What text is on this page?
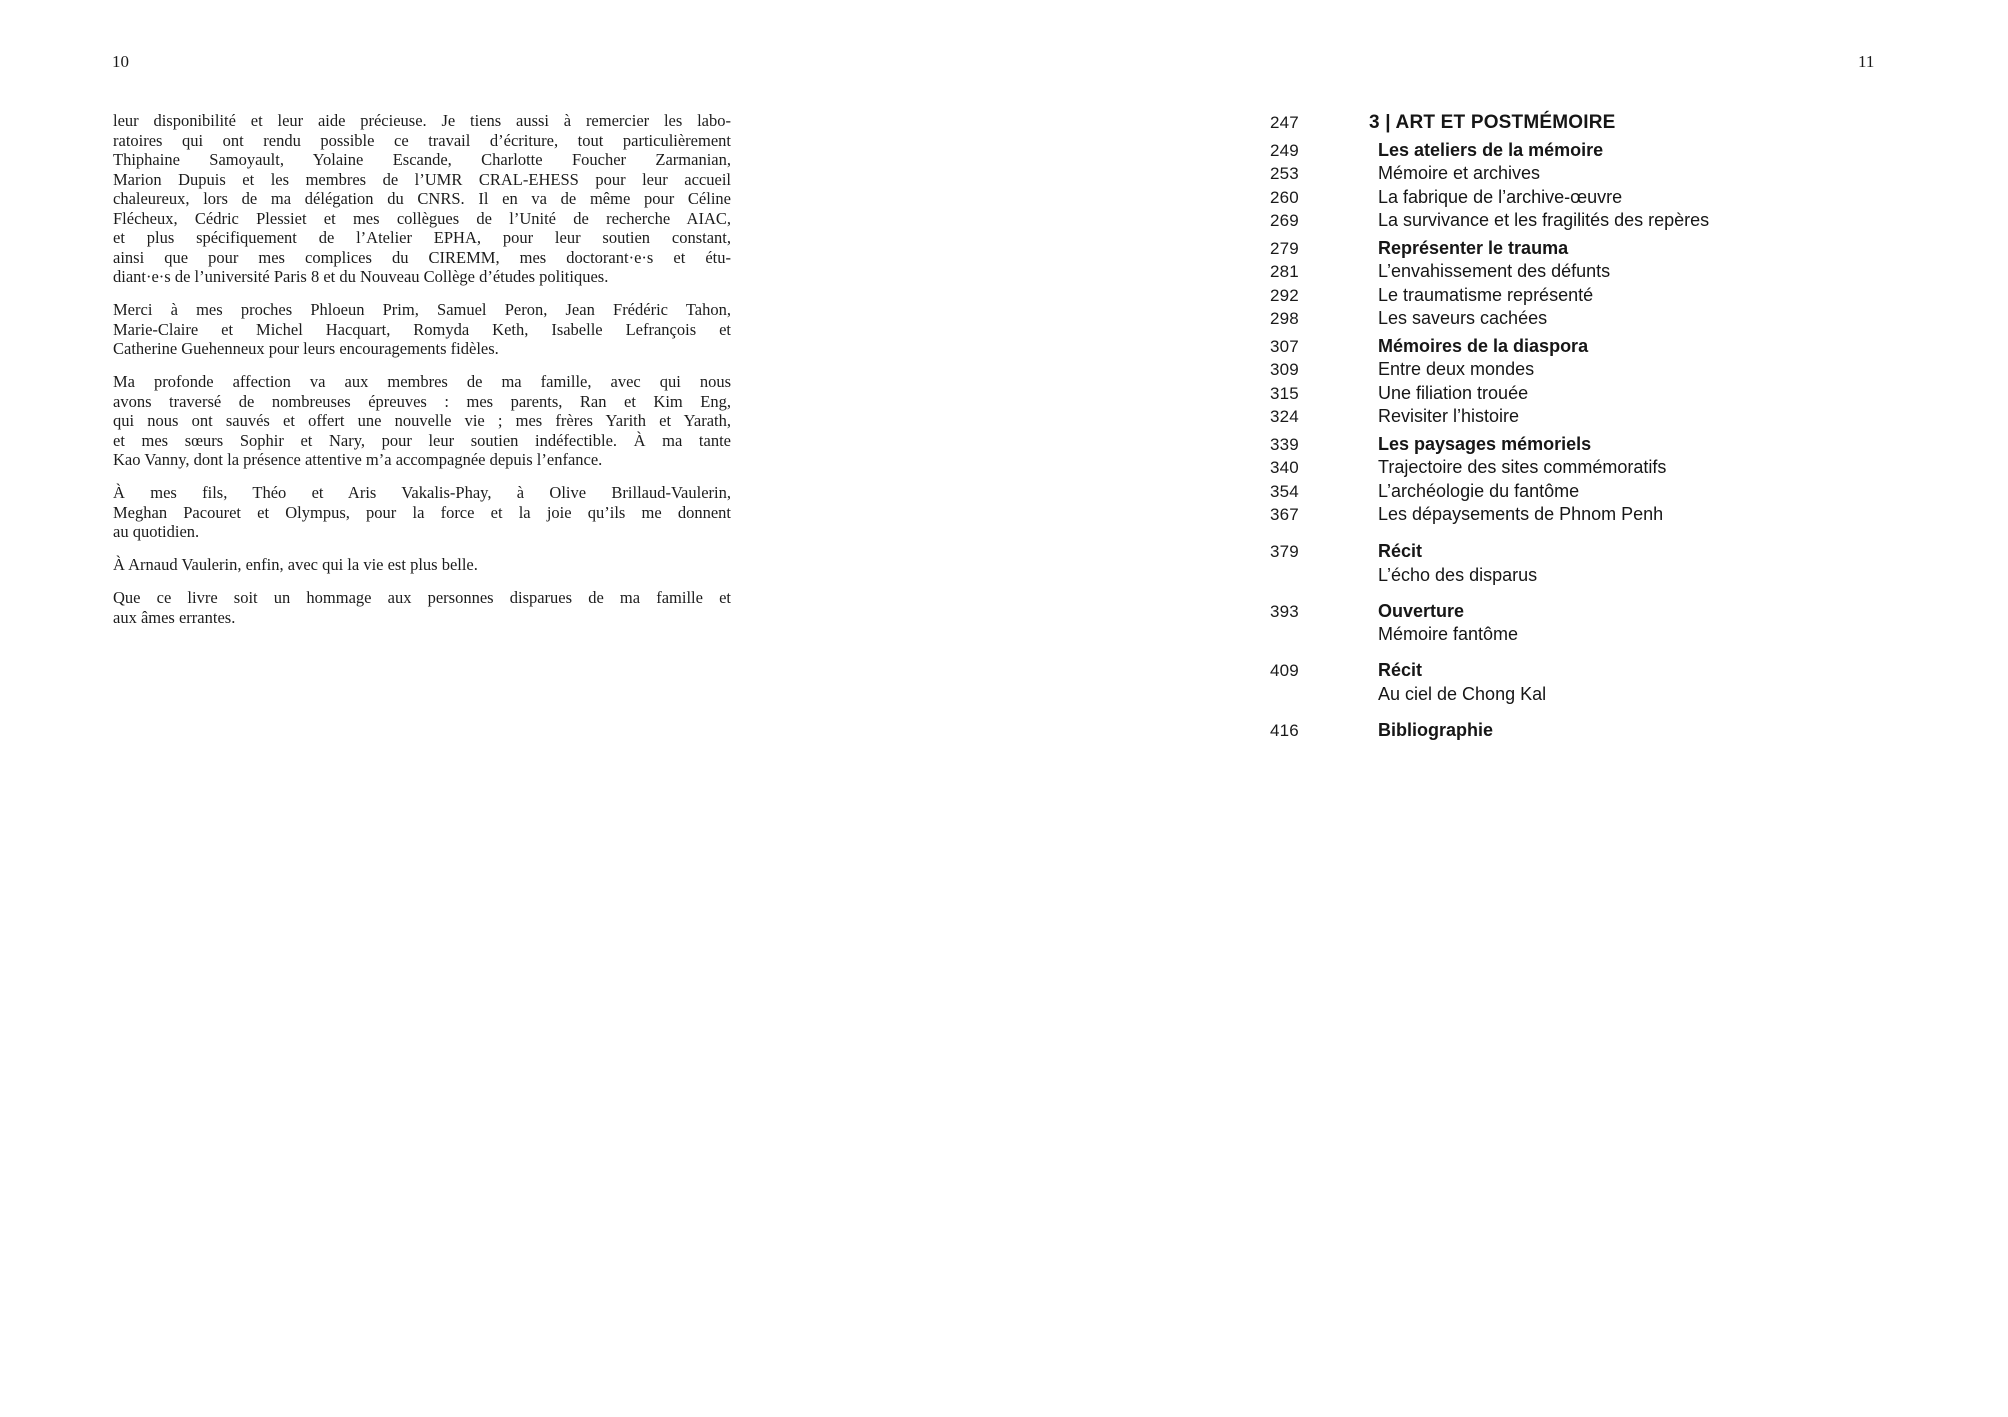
10
leur disponibilité et leur aide précieuse. Je tiens aussi à remercier les labo-
ratoires qui ont rendu possible ce travail d’écriture, tout particulièrement
Thiphaine Samoyault, Yolaine Escande, Charlotte Foucher Zarmanian,
Marion Dupuis et les membres de l’UMR CRAL-EHESS pour leur accueil
chaleureux, lors de ma délégation du CNRS. Il en va de même pour Céline
Flécheux, Cédric Plessiet et mes collègues de l’Unité de recherche AIAC,
et plus spécifiquement de l’Atelier EPHA, pour leur soutien constant,
ainsi que pour mes complices du CIREMM, mes doctorant·e·s et étu-
diant·e·s de l’université Paris 8 et du Nouveau Collège d’études politiques.
Merci à mes proches Phloeun Prim, Samuel Peron, Jean Frédéric Tahon,
Marie-Claire et Michel Hacquart, Romyda Keth, Isabelle Lefrançois et
Catherine Guehenneux pour leurs encouragements fidèles.
Ma profonde affection va aux membres de ma famille, avec qui nous
avons traversé de nombreuses épreuves : mes parents, Ran et Kim Eng,
qui nous ont sauvés et offert une nouvelle vie ; mes frères Yarith et Yarath,
et mes sœurs Sophir et Nary, pour leur soutien indéfectible. À ma tante
Kao Vanny, dont la présence attentive m’a accompagnée depuis l’enfance.
À mes fils, Théo et Aris Vakalis-Phay, à Olive Brillaud-Vaulerin,
Meghan Pacouret et Olympus, pour la force et la joie qu’ils me donnent
au quotidien.
À Arnaud Vaulerin, enfin, avec qui la vie est plus belle.
Que ce livre soit un hommage aux personnes disparues de ma famille et
aux âmes errantes.
11
247	3 | ART ET POSTMÉMOIRE
249	Les ateliers de la mémoire
253	Mémoire et archives
260	La fabrique de l’archive-œuvre
269	La survivance et les fragilités des repères
279	Représenter le trauma
281	L’envahissement des défunts
292	Le traumatisme représenté
298	Les saveurs cachées
307	Mémoires de la diaspora
309	Entre deux mondes
315	Une filiation trouée
324	Revisiter l’histoire
339	Les paysages mémoriels
340	Trajectoire des sites commémoratifs
354	L’archéologie du fantôme
367	Les dépaysements de Phnom Penh
379	Récit
L’écho des disparus
393	Ouverture
Mémoire fantôme
409	Récit
Au ciel de Chong Kal
416	Bibliographie
